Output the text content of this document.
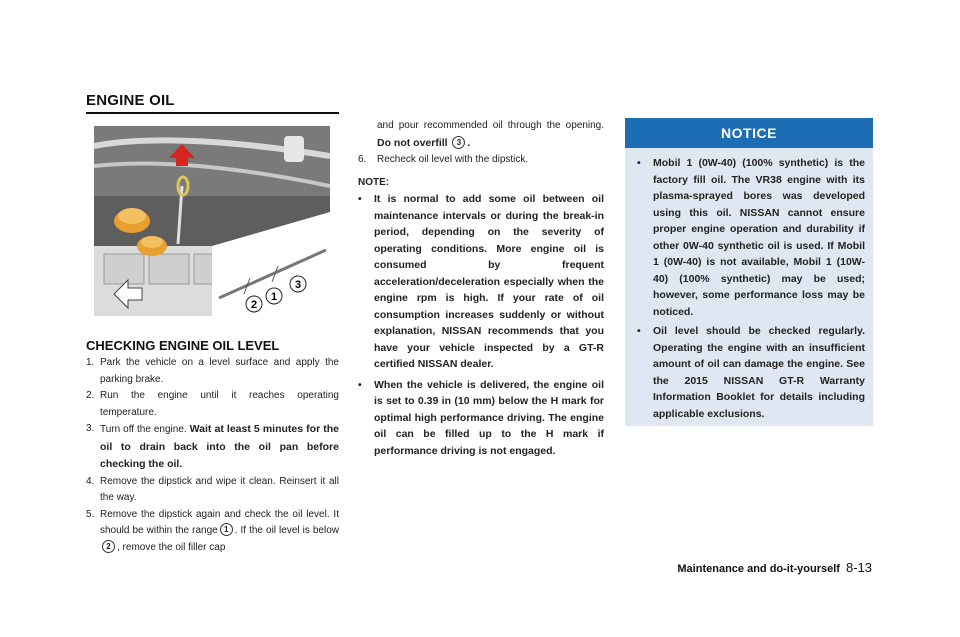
ENGINE OIL
2
1
3
CHECKING ENGINE OIL LEVEL
1. Park the vehicle on a level surface and apply the parking brake.
2. Run the engine until it reaches operating temperature.
3. Turn off the engine. Wait at least 5 minutes for the oil to drain back into the oil pan before checking the oil.
4. Remove the dipstick and wipe it clean. Reinsert it all the way.
5. Remove the dipstick again and check the oil level. It should be within the range 1 . If the oil level is below2 , remove the oil filler cap
and pour recommended oil through the opening. Do not overfill 3 .
6.	Recheck oil level with the dipstick.
NOTE:
•	It is normal to add some oil between oil maintenance intervals or during the break-in period, depending on the severity of operating conditions. More engine oil is consumed by frequent acceleration/deceleration especially when the engine rpm is high. If your rate of oil consumption increases suddenly or without explanation, NISSAN recommends that you have your vehicle inspected by a GT-R certified NISSAN dealer.
•	When the vehicle is delivered, the engine oil is set to 0.39 in (10 mm) below the H mark for optimal high performance driving. The engine oil can be filled up to the H mark if performance driving is not engaged.
NOTICE
•	Mobil 1 (0W-40) (100% synthetic) is the factory fill oil. The VR38 engine with its plasma-sprayed bores was developed using this oil. NISSAN cannot ensure proper engine operation and durability if other 0W-40 synthetic oil is used. If Mobil 1 (0W-40) is not available, Mobil 1 (10W-40) (100% synthetic) may be used; however, some performance loss may be noticed.
•	Oil level should be checked regularly. Operating the engine with an insufficient amount of oil can damage the engine. See the 2015 NISSAN GT-R Warranty Information Booklet for details including applicable exclusions.
Maintenance and do-it-yourself 8-13
